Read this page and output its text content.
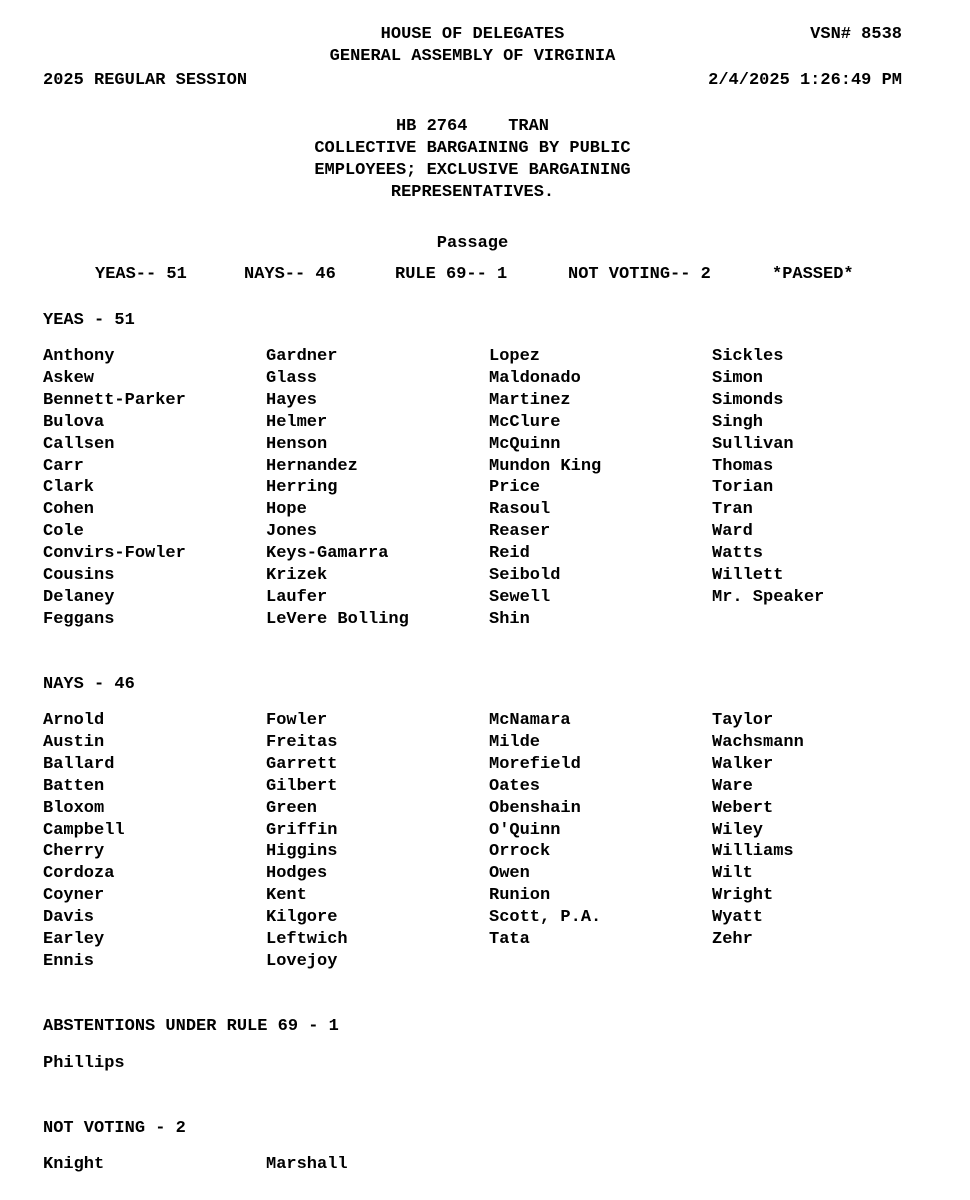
HOUSE OF DELEGATES	VSN# 8538
GENERAL ASSEMBLY OF VIRGINIA
2025 REGULAR SESSION	2/4/2025 1:26:49 PM
HB 2764    TRAN
COLLECTIVE BARGAINING BY PUBLIC
EMPLOYEES; EXCLUSIVE BARGAINING
REPRESENTATIVES.
Passage
YEAS-- 51	NAYS-- 46	RULE 69-- 1	NOT VOTING-- 2	*PASSED*
YEAS - 51
Anthony	Gardner	Lopez	Sickles
Askew	Glass	Maldonado	Simon
Bennett-Parker	Hayes	Martinez	Simonds
Bulova	Helmer	McClure	Singh
Callsen	Henson	McQuinn	Sullivan
Carr	Hernandez	Mundon King	Thomas
Clark	Herring	Price	Torian
Cohen	Hope	Rasoul	Tran
Cole	Jones	Reaser	Ward
Convirs-Fowler	Keys-Gamarra	Reid	Watts
Cousins	Krizek	Seibold	Willett
Delaney	Laufer	Sewell	Mr. Speaker
Feggans	LeVere Bolling	Shin
NAYS - 46
Arnold	Fowler	McNamara	Taylor
Austin	Freitas	Milde	Wachsmann
Ballard	Garrett	Morefield	Walker
Batten	Gilbert	Oates	Ware
Bloxom	Green	Obenshain	Webert
Campbell	Griffin	O'Quinn	Wiley
Cherry	Higgins	Orrock	Williams
Cordoza	Hodges	Owen	Wilt
Coyner	Kent	Runion	Wright
Davis	Kilgore	Scott, P.A.	Wyatt
Earley	Leftwich	Tata	Zehr
Ennis	Lovejoy
ABSTENTIONS UNDER RULE 69 - 1
Phillips
NOT VOTING - 2
Knight	Marshall
